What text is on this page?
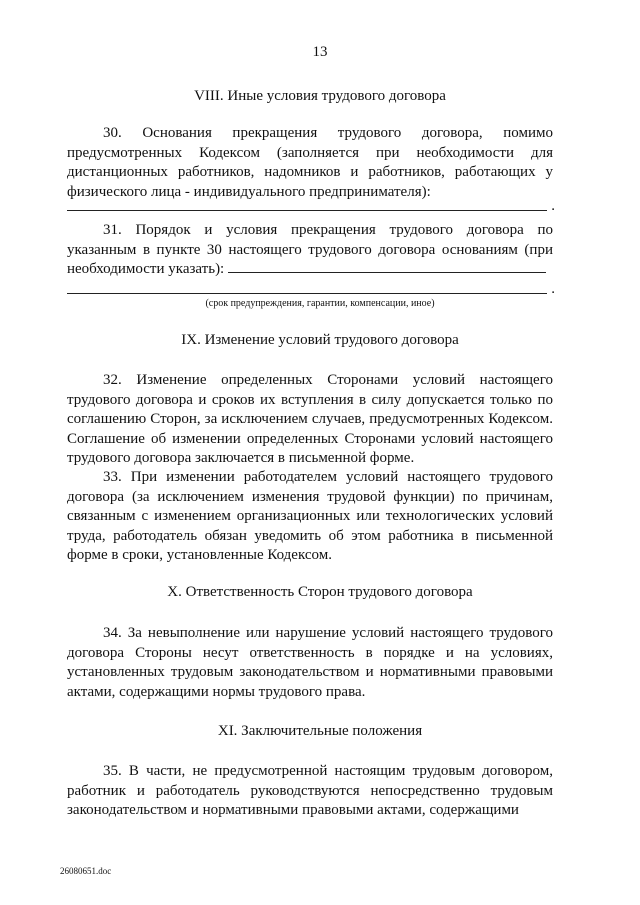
13
VIII. Иные условия трудового договора
30. Основания прекращения трудового договора, помимо предусмотренных Кодексом (заполняется при необходимости для дистанционных работников, надомников и работников, работающих у физического лица - индивидуального предпринимателя):
.
31. Порядок и условия прекращения трудового договора по указанным в пункте 30 настоящего трудового договора основаниям (при необходимости указать):
.
(срок предупреждения, гарантии, компенсации, иное)
IX. Изменение условий трудового договора
32. Изменение определенных Сторонами условий настоящего трудового договора и сроков их вступления в силу допускается только по соглашению Сторон, за исключением случаев, предусмотренных Кодексом. Соглашение об изменении определенных Сторонами условий настоящего трудового договора заключается в письменной форме.
33. При изменении работодателем условий настоящего трудового договора (за исключением изменения трудовой функции) по причинам, связанным с изменением организационных или технологических условий труда, работодатель обязан уведомить об этом работника в письменной форме в сроки, установленные Кодексом.
X. Ответственность Сторон трудового договора
34. За невыполнение или нарушение условий настоящего трудового договора Стороны несут ответственность в порядке и на условиях, установленных трудовым законодательством и нормативными правовыми актами, содержащими нормы трудового права.
XI. Заключительные положения
35. В части, не предусмотренной настоящим трудовым договором, работник и работодатель руководствуются непосредственно трудовым законодательством и нормативными правовыми актами, содержащими
26080651.doc
